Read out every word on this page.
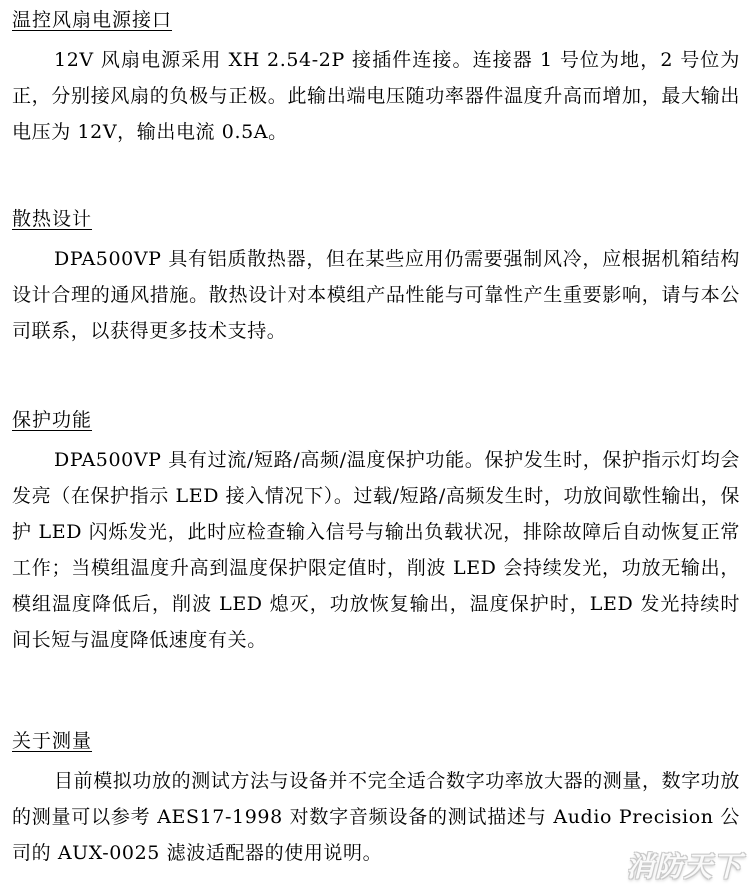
温控风扇电源接口

12V 风扇电源采用 XH 2.54-2P 接插件连接。连接器 1 号位为地，2 号位为正，分别接风扇的负极与正极。此输出端电压随功率器件温度升高而增加，最大输出电压为 12V，输出电流 0.5A。

散热设计

DPA500VP 具有铝质散热器，但在某些应用仍需要强制风冷，应根据机箱结构设计合理的通风措施。散热设计对本模组产品性能与可靠性产生重要影响，请与本公司联系，以获得更多技术支持。

保护功能

DPA500VP 具有过流/短路/高频/温度保护功能。保护发生时，保护指示灯均会发亮（在保护指示 LED 接入情况下）。过载/短路/高频发生时，功放间歇性输出，保护 LED 闪烁发光，此时应检查输入信号与输出负载状况，排除故障后自动恢复正常工作；当模组温度升高到温度保护限定值时，削波 LED 会持续发光，功放无输出，模组温度降低后，削波 LED 熄灭，功放恢复输出，温度保护时，LED 发光持续时间长短与温度降低速度有关。

关于测量

目前模拟功放的测试方法与设备并不完全适合数字功率放大器的测量，数字功放的测量可以参考 AES17-1998 对数字音频设备的测试描述与 Audio Precision 公司的 AUX-0025 滤波适配器的使用说明。	消防天下
